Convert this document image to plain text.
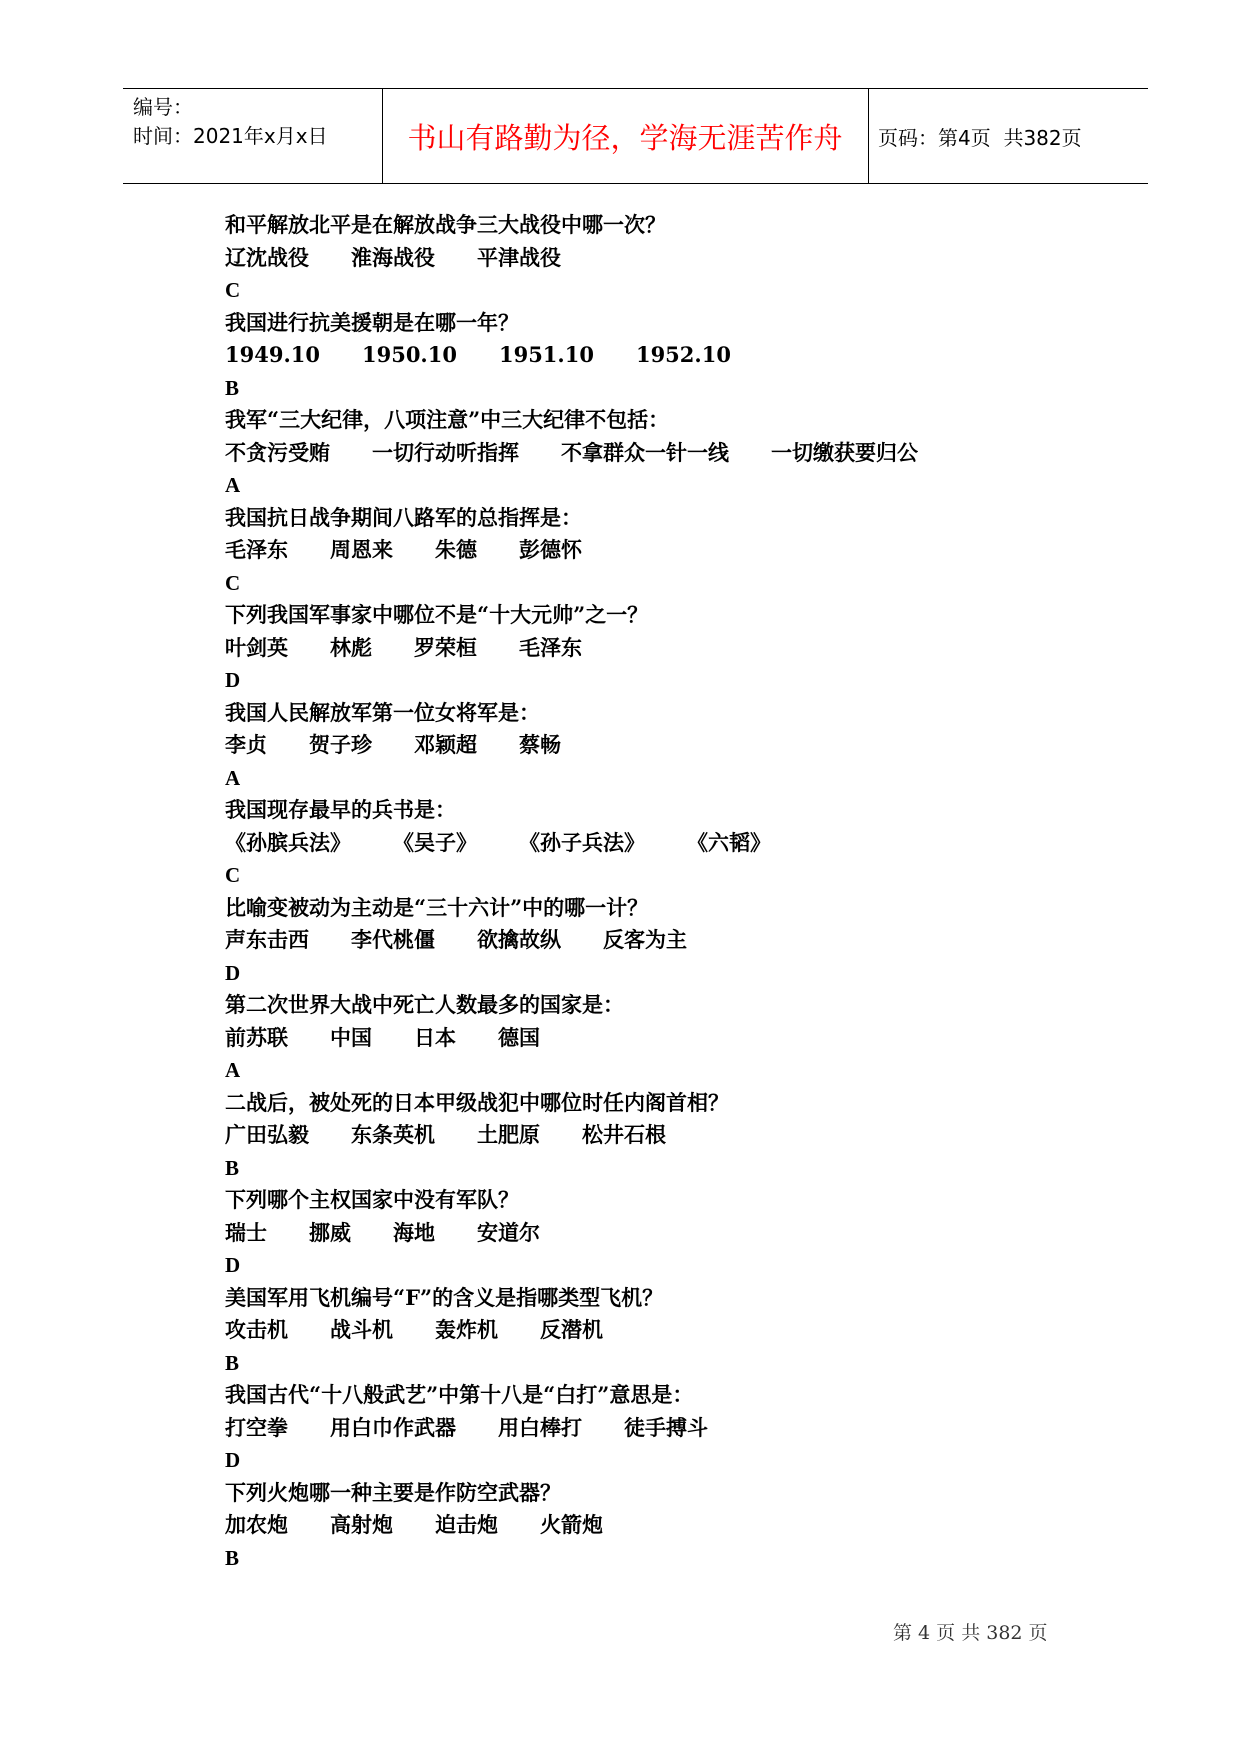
编号：
时间：2021年x月x日	书山有路勤为径，学海无涯苦作舟	页码：第4页  共382页
和平解放北平是在解放战争三大战役中哪一次？
辽沈战役 淮海战役 平津战役
C
我国进行抗美援朝是在哪一年？
1949.10 1950.10 1951.10 1952.10
B
我军“三大纪律，八项注意”中三大纪律不包括：
不贪污受贿 一切行动听指挥 不拿群众一针一线 一切缴获要归公
A
我国抗日战争期间八路军的总指挥是：
毛泽东 周恩来 朱德 彭德怀
C
下列我国军事家中哪位不是“十大元帅”之一？
叶剑英 林彪 罗荣桓 毛泽东
D
我国人民解放军第一位女将军是：
李贞 贺子珍 邓颖超 蔡畅
A
我国现存最早的兵书是：
《孙膑兵法》 《吴子》 《孙子兵法》 《六韬》
C
比喻变被动为主动是“三十六计”中的哪一计？
声东击西 李代桃僵 欲擒故纵 反客为主
D
第二次世界大战中死亡人数最多的国家是：
前苏联 中国 日本 德国
A
二战后，被处死的日本甲级战犯中哪位时任内阁首相？
广田弘毅 东条英机 土肥原 松井石根
B
下列哪个主权国家中没有军队？
瑞士 挪威 海地 安道尔
D
美国军用飞机编号“F”的含义是指哪类型飞机？
攻击机 战斗机 轰炸机 反潜机
B
我国古代“十八般武艺”中第十八是“白打”意思是：
打空拳 用白巾作武器 用白棒打 徒手搏斗
D
下列火炮哪一种主要是作防空武器？
加农炮 高射炮 迫击炮 火箭炮
B
第 4 页 共 382 页
